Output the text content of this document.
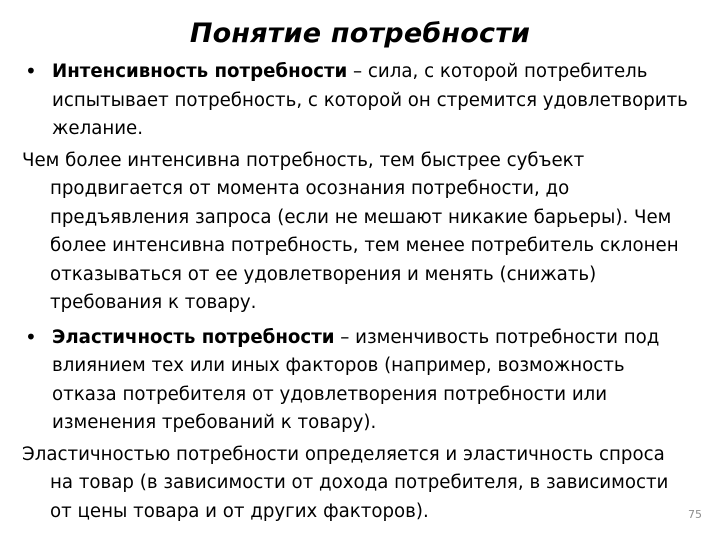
Понятие потребности
• Интенсивность потребности – сила, с которой потребитель
испытывает потребность, с которой он стремится удовлетворить
желание.
Чем более интенсивна потребность, тем быстрее субъект
продвигается от момента осознания потребности, до
предъявления запроса (если не мешают никакие барьеры). Чем
более интенсивна потребность, тем менее потребитель склонен
отказываться от ее удовлетворения и менять (снижать)
требования к товару.
• Эластичность потребности – изменчивость потребности под
влиянием тех или иных факторов (например, возможность
отказа потребителя от удовлетворения потребности или
изменения требований к товару).
Эластичностью потребности определяется и эластичность спроса
на товар (в зависимости от дохода потребителя, в зависимости
от цены товара и от других факторов).	75
